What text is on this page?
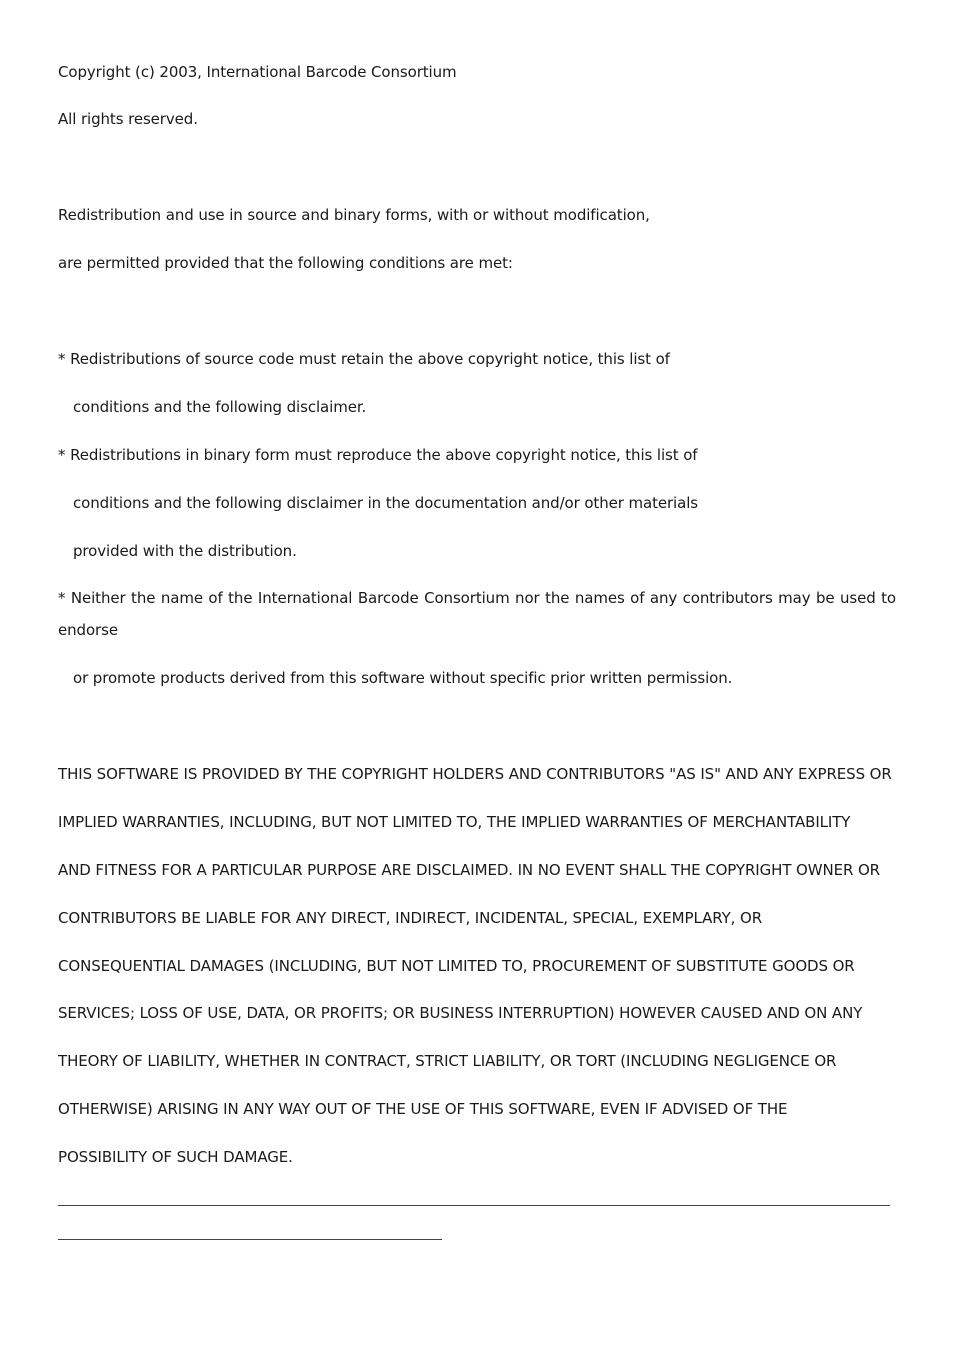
Copyright (c) 2003, International Barcode Consortium
All rights reserved.
Redistribution and use in source and binary forms, with or without modification,
are permitted provided that the following conditions are met:
* Redistributions of source code must retain the above copyright notice, this list of
conditions and the following disclaimer.
* Redistributions in binary form must reproduce the above copyright notice, this list of
conditions and the following disclaimer in the documentation and/or other materials
provided with the distribution.
* Neither the name of the International Barcode Consortium nor the names of any contributors may be used to
endorse
or promote products derived from this software without specific prior written permission.
THIS SOFTWARE IS PROVIDED BY THE COPYRIGHT HOLDERS AND CONTRIBUTORS "AS IS" AND ANY EXPRESS OR
IMPLIED WARRANTIES, INCLUDING, BUT NOT LIMITED TO, THE IMPLIED WARRANTIES OF MERCHANTABILITY
AND FITNESS FOR A PARTICULAR PURPOSE ARE DISCLAIMED. IN NO EVENT SHALL THE COPYRIGHT OWNER OR
CONTRIBUTORS BE LIABLE FOR ANY DIRECT, INDIRECT, INCIDENTAL, SPECIAL, EXEMPLARY, OR
CONSEQUENTIAL DAMAGES (INCLUDING, BUT NOT LIMITED TO, PROCUREMENT OF SUBSTITUTE GOODS OR
SERVICES; LOSS OF USE, DATA, OR PROFITS; OR BUSINESS INTERRUPTION) HOWEVER CAUSED AND ON ANY
THEORY OF LIABILITY, WHETHER IN CONTRACT, STRICT LIABILITY, OR TORT (INCLUDING NEGLIGENCE OR
OTHERWISE) ARISING IN ANY WAY OUT OF THE USE OF THIS SOFTWARE, EVEN IF ADVISED OF THE
POSSIBILITY OF SUCH DAMAGE.
